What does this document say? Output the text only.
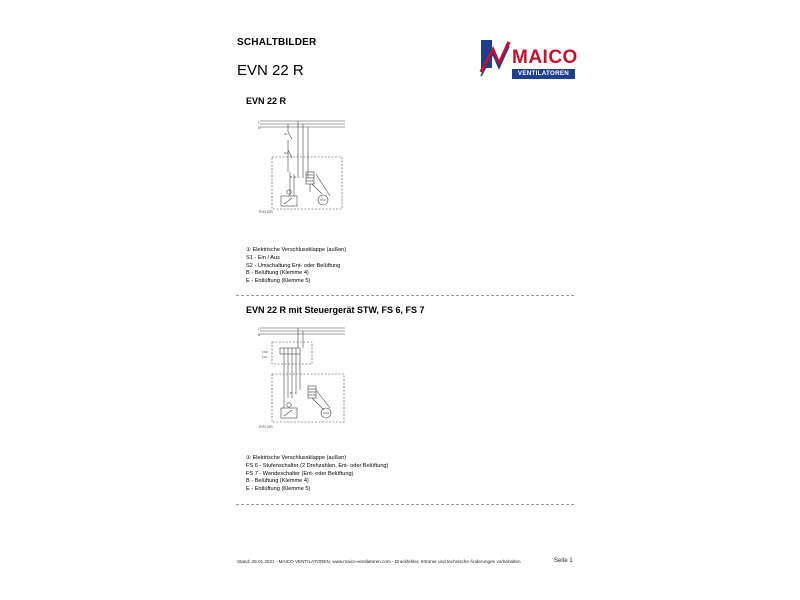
SCHALTBILDER
EVN 22 R
MAICO
VENTILATOREN
EVN 22 R
L
N
S1
S2
B E
EVN 22R
① Elektrische Verschlussklappe (außen)
S1 - Ein / Aus
S2 - Umschaltung Ent- oder Belüftung
B - Belüftung (Klemme 4)
E - Entlüftung (Klemme 5)
EVN 22 R mit Steuergerät STW, FS 6, FS 7
L
N
FS6
FS7
B E
EVN 22R
① Elektrische Verschlussklappe (außen)
FS 6 - Stufenschalter (2 Drehzahlen, Ent- oder Belüftung)
FS 7 - Wendeschalter (Ent- oder Belüftung)
B - Belüftung (Klemme 4)
E - Entlüftung (Klemme 5)
Stand: 29.01.2021 - MAICO VENTILATOREN, www.maico-ventilatoren.com - Druckfehler, Irrtümer und technische Änderungen vorbehalten	Seite 1
